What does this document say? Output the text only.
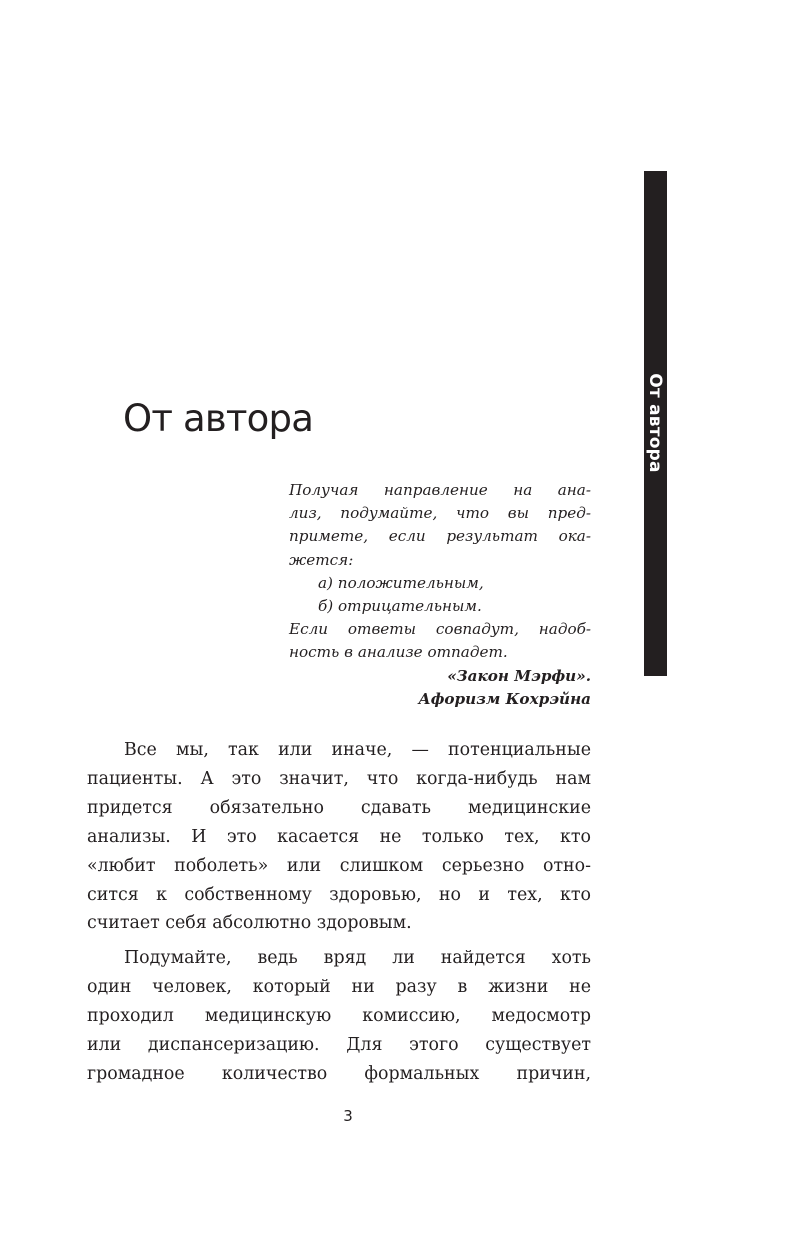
От автора
От автора
Получая направление на ана-
лиз, подумайте, что вы пред-
примете, если результат ока-
жется:
а) положительным,
б) отрицательным.
Если ответы совпадут, надоб-
ность в анализе отпадет.
«Закон Мэрфи».
Афоризм Кохрэйна
Все мы, так или иначе, — потенциальные
пациенты. А это значит, что когда-нибудь нам
придется обязательно сдавать медицинские
анализы. И это касается не только тех, кто
«любит поболеть» или слишком серьезно отно-
сится к собственному здоровью, но и тех, кто
считает себя абсолютно здоровым.
Подумайте, ведь вряд ли найдется хоть
один человек, который ни разу в жизни не
проходил медицинскую комиссию, медосмотр
или диспансеризацию. Для этого существует
громадное количество формальных причин,
3
